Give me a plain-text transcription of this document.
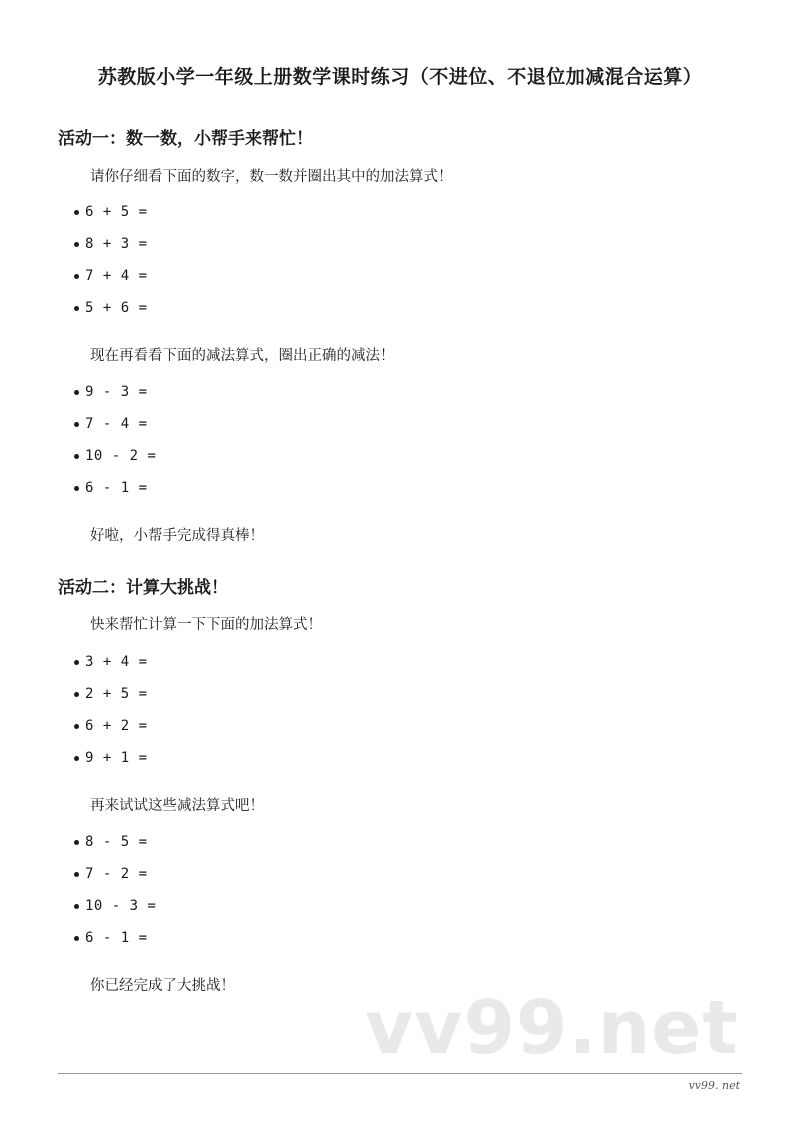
苏教版小学一年级上册数学课时练习（不进位、不退位加减混合运算）
活动一：数一数，小帮手来帮忙！
请你仔细看下面的数字，数一数并圈出其中的加法算式！
6 + 5 =
8 + 3 =
7 + 4 =
5 + 6 =
现在再看看下面的减法算式，圈出正确的减法！
9 - 3 =
7 - 4 =
10 - 2 =
6 - 1 =
好啦，小帮手完成得真棒！
活动二：计算大挑战！
快来帮忙计算一下下面的加法算式！
3 + 4 =
2 + 5 =
6 + 2 =
9 + 1 =
再来试试这些减法算式吧！
8 - 5 =
7 - 2 =
10 - 3 =
6 - 1 =
你已经完成了大挑战！ vv99.net
vv99. net
